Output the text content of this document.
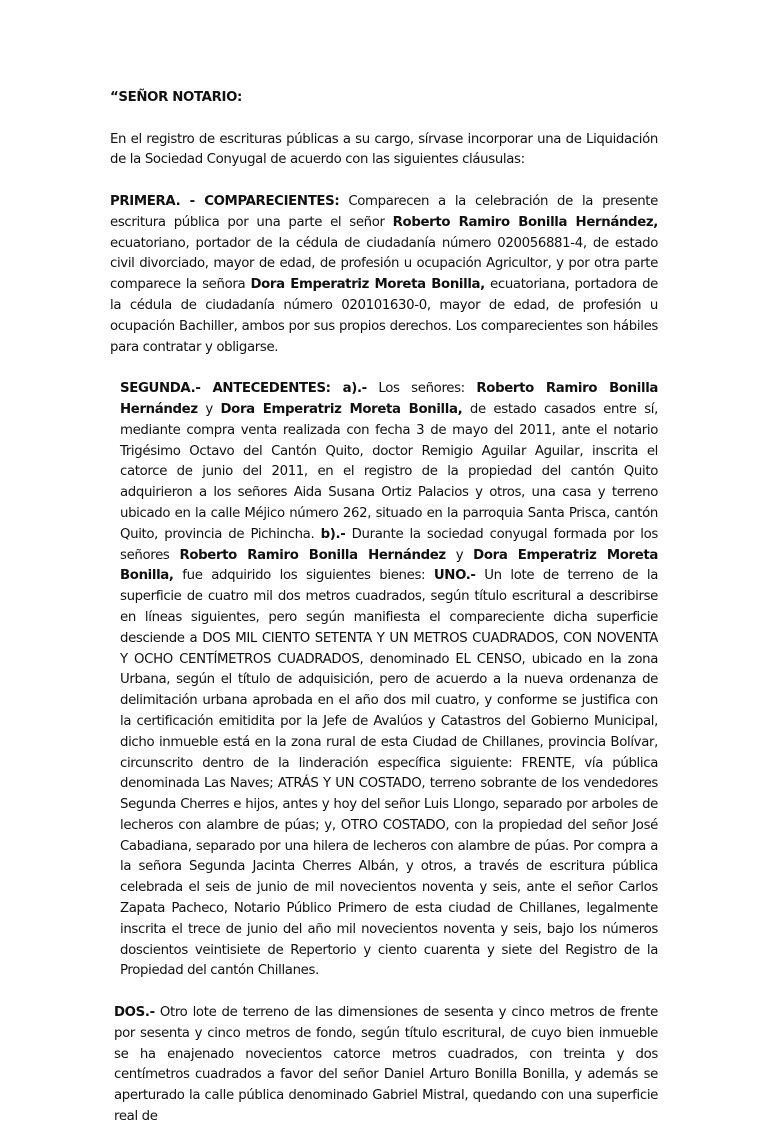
“SEÑOR NOTARIO:

En el registro de escrituras públicas a su cargo, sírvase incorporar una de Liquidación de la Sociedad Conyugal de acuerdo con las siguientes cláusulas:

PRIMERA. - COMPARECIENTES: Comparecen a la celebración de la presente escritura pública por una parte el señor Roberto Ramiro Bonilla Hernández, ecuatoriano, portador de la cédula de ciudadanía número 020056881-4, de estado civil divorciado, mayor de edad, de profesión u ocupación Agricultor, y por otra parte comparece la señora Dora Emperatriz Moreta Bonilla, ecuatoriana, portadora de la cédula de ciudadanía número 020101630-0, mayor de edad, de profesión u ocupación Bachiller, ambos por sus propios derechos. Los comparecientes son hábiles para contratar y obligarse.

SEGUNDA.- ANTECEDENTES: a).- Los señores: Roberto Ramiro Bonilla Hernández y Dora Emperatriz Moreta Bonilla, de estado casados entre sí, mediante compra venta realizada con fecha 3 de mayo del 2011, ante el notario Trigésimo Octavo del Cantón Quito, doctor Remigio Aguilar Aguilar, inscrita el catorce de junio del 2011, en el registro de la propiedad del cantón Quito adquirieron a los señores Aida Susana Ortiz Palacios y otros, una casa y terreno ubicado en la calle Méjico número 262, situado en la parroquia Santa Prisca, cantón Quito, provincia de Pichincha. b).- Durante la sociedad conyugal formada por los señores Roberto Ramiro Bonilla Hernández y Dora Emperatriz Moreta Bonilla, fue adquirido los siguientes bienes: UNO.- Un lote de terreno de la superficie de cuatro mil dos metros cuadrados, según título escritural a describirse en líneas siguientes, pero según manifiesta el compareciente dicha superficie desciende a DOS MIL CIENTO SETENTA Y UN METROS CUADRADOS, CON NOVENTA Y OCHO CENTÍMETROS CUADRADOS, denominado EL CENSO, ubicado en la zona Urbana, según el título de adquisición, pero de acuerdo a la nueva ordenanza de delimitación urbana aprobada en el año dos mil cuatro, y conforme se justifica con la certificación emitidita por la Jefe de Avalúos y Catastros del Gobierno Municipal, dicho inmueble está en la zona rural de esta Ciudad de Chillanes, provincia Bolívar, circunscrito dentro de la linderación específica siguiente: FRENTE, vía pública denominada Las Naves; ATRÁS Y UN COSTADO, terreno sobrante de los vendedores Segunda Cherres e hijos, antes y hoy del señor Luis Llongo, separado por arboles de lecheros con alambre de púas; y, OTRO COSTADO, con la propiedad del señor José Cabadiana, separado por una hilera de lecheros con alambre de púas. Por compra a la señora Segunda Jacinta Cherres Albán, y otros, a través de escritura pública celebrada el seis de junio de mil novecientos noventa y seis, ante el señor Carlos Zapata Pacheco, Notario Público Primero de esta ciudad de Chillanes, legalmente inscrita el trece de junio del año mil novecientos noventa y seis, bajo los números doscientos veintisiete de Repertorio y ciento cuarenta y siete del Registro de la Propiedad del cantón Chillanes.

DOS.- Otro lote de terreno de las dimensiones de sesenta y cinco metros de frente por sesenta y cinco metros de fondo, según título escritural, de cuyo bien inmueble se ha enajenado novecientos catorce metros cuadrados, con treinta y dos centímetros cuadrados a favor del señor Daniel Arturo Bonilla Bonilla, y además se aperturado la calle pública denominado Gabriel Mistral, quedando con una superficie real de
